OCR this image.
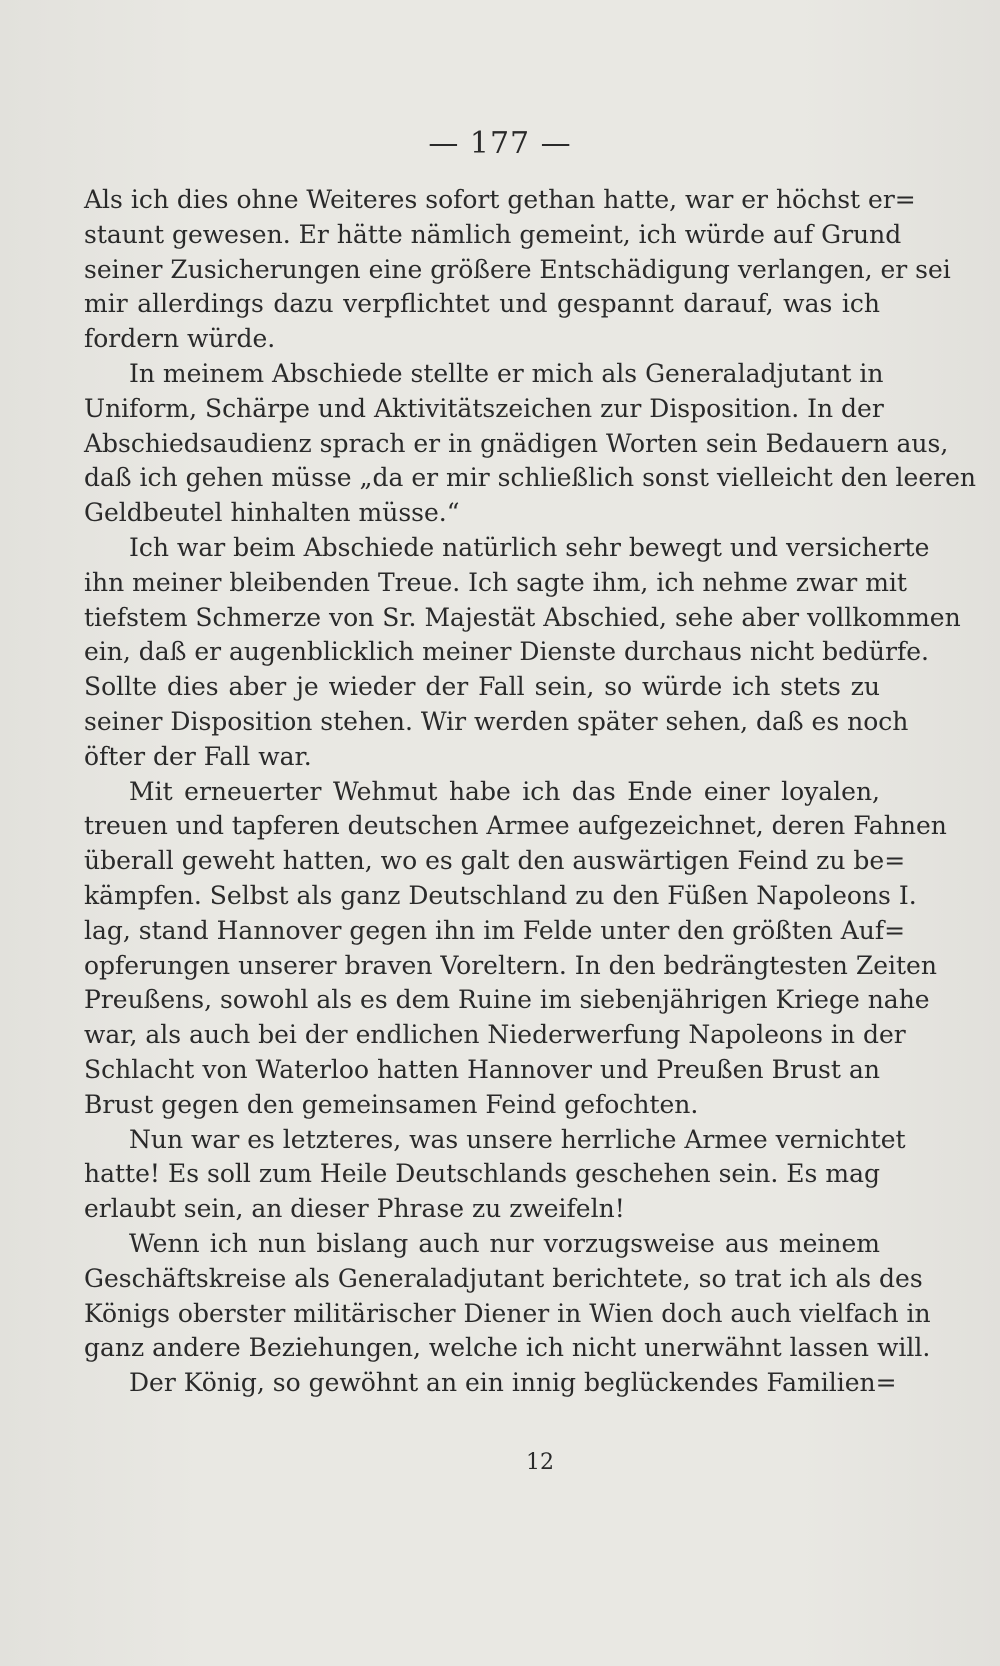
— 177 —
Als ich dies ohne Weiteres sofort gethan hatte, war er höchst er=
staunt gewesen. Er hätte nämlich gemeint, ich würde auf Grund
seiner Zusicherungen eine größere Entschädigung verlangen, er sei
mir allerdings dazu verpflichtet und gespannt darauf, was ich
fordern würde.
In meinem Abschiede stellte er mich als Generaladjutant in
Uniform, Schärpe und Aktivitätszeichen zur Disposition. In der
Abschiedsaudienz sprach er in gnädigen Worten sein Bedauern aus,
daß ich gehen müsse „da er mir schließlich sonst vielleicht den leeren
Geldbeutel hinhalten müsse.“
Ich war beim Abschiede natürlich sehr bewegt und versicherte
ihn meiner bleibenden Treue. Ich sagte ihm, ich nehme zwar mit
tiefstem Schmerze von Sr. Majestät Abschied, sehe aber vollkommen
ein, daß er augenblicklich meiner Dienste durchaus nicht bedürfe.
Sollte dies aber je wieder der Fall sein, so würde ich stets zu
seiner Disposition stehen. Wir werden später sehen, daß es noch
öfter der Fall war.
Mit erneuerter Wehmut habe ich das Ende einer loyalen,
treuen und tapferen deutschen Armee aufgezeichnet, deren Fahnen
überall geweht hatten, wo es galt den auswärtigen Feind zu be=
kämpfen. Selbst als ganz Deutschland zu den Füßen Napoleons I.
lag, stand Hannover gegen ihn im Felde unter den größten Auf=
opferungen unserer braven Voreltern. In den bedrängtesten Zeiten
Preußens, sowohl als es dem Ruine im siebenjährigen Kriege nahe
war, als auch bei der endlichen Niederwerfung Napoleons in der
Schlacht von Waterloo hatten Hannover und Preußen Brust an
Brust gegen den gemeinsamen Feind gefochten.
Nun war es letzteres, was unsere herrliche Armee vernichtet
hatte! Es soll zum Heile Deutschlands geschehen sein. Es mag
erlaubt sein, an dieser Phrase zu zweifeln!
Wenn ich nun bislang auch nur vorzugsweise aus meinem
Geschäftskreise als Generaladjutant berichtete, so trat ich als des
Königs oberster militärischer Diener in Wien doch auch vielfach in
ganz andere Beziehungen, welche ich nicht unerwähnt lassen will.
Der König, so gewöhnt an ein innig beglückendes Familien=
12
